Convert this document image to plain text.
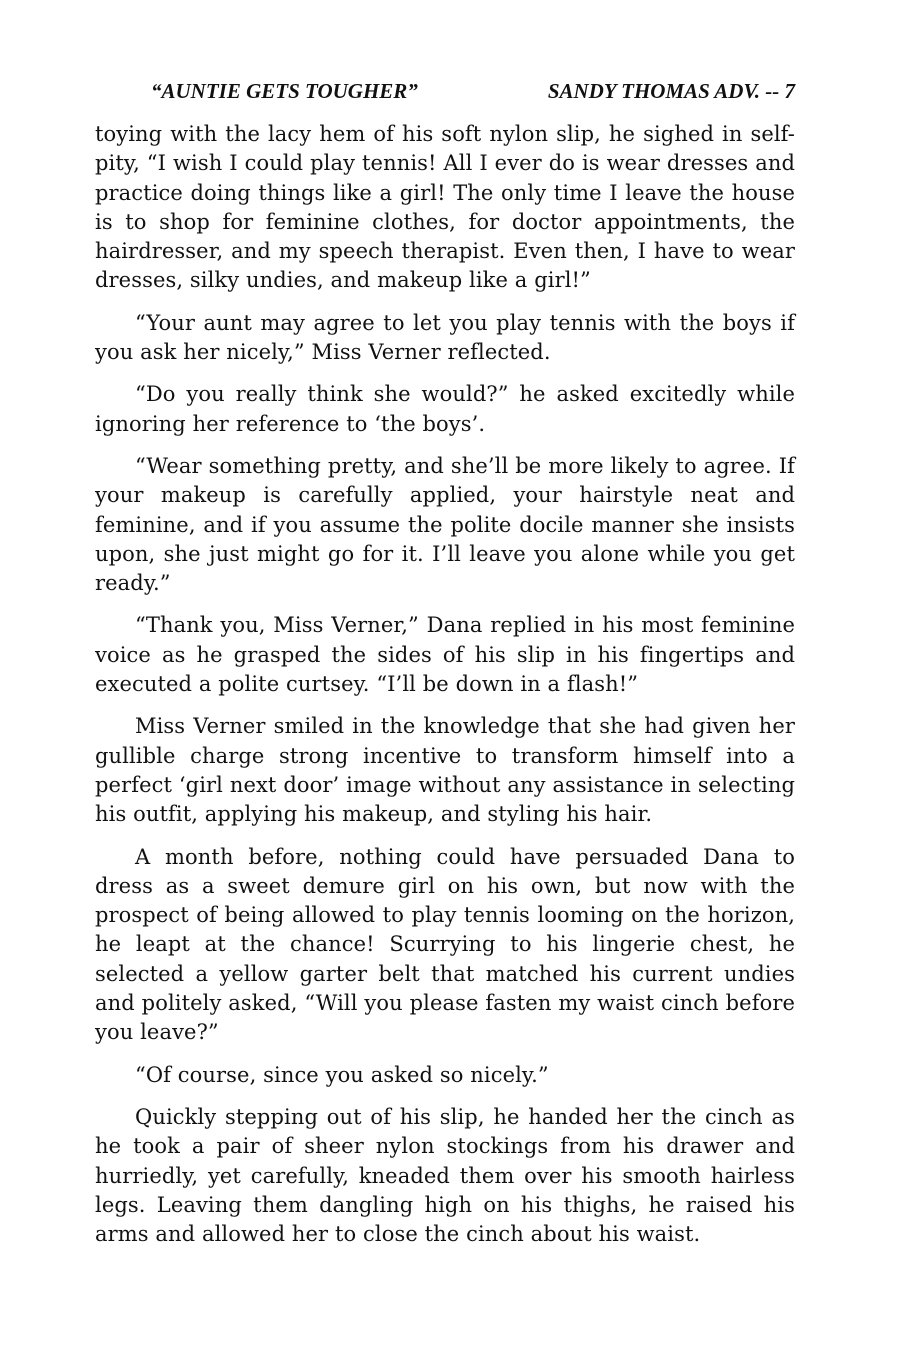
“AUNTIE GETS TOUGHER”	SANDY THOMAS ADV. -- 7

toying with the lacy hem of his soft nylon slip, he sighed in self-pity, “I wish I could play tennis! All I ever do is wear dresses and practice doing things like a girl! The only time I leave the house is to shop for feminine clothes, for doctor appointments, the hairdresser, and my speech therapist. Even then, I have to wear dresses, silky undies, and makeup like a girl!”

“Your aunt may agree to let you play tennis with the boys if you ask her nicely,” Miss Verner reflected.

“Do you really think she would?” he asked excitedly while ignoring her reference to ‘the boys’.

“Wear something pretty, and she’ll be more likely to agree. If your makeup is carefully applied, your hairstyle neat and feminine, and if you assume the polite docile manner she insists upon, she just might go for it. I’ll leave you alone while you get ready.”

“Thank you, Miss Verner,” Dana replied in his most feminine voice as he grasped the sides of his slip in his fingertips and executed a polite curtsey. “I’ll be down in a flash!”

Miss Verner smiled in the knowledge that she had given her gullible charge strong incentive to transform himself into a perfect ‘girl next door’ image without any assistance in selecting his outfit, applying his makeup, and styling his hair.

A month before, nothing could have persuaded Dana to dress as a sweet demure girl on his own, but now with the prospect of being allowed to play tennis looming on the horizon, he leapt at the chance! Scurrying to his lingerie chest, he selected a yellow garter belt that matched his current undies and politely asked, “Will you please fasten my waist cinch before you leave?”

“Of course, since you asked so nicely.”

Quickly stepping out of his slip, he handed her the cinch as he took a pair of sheer nylon stockings from his drawer and hurriedly, yet carefully, kneaded them over his smooth hairless legs. Leaving them dangling high on his thighs, he raised his arms and allowed her to close the cinch about his waist.
